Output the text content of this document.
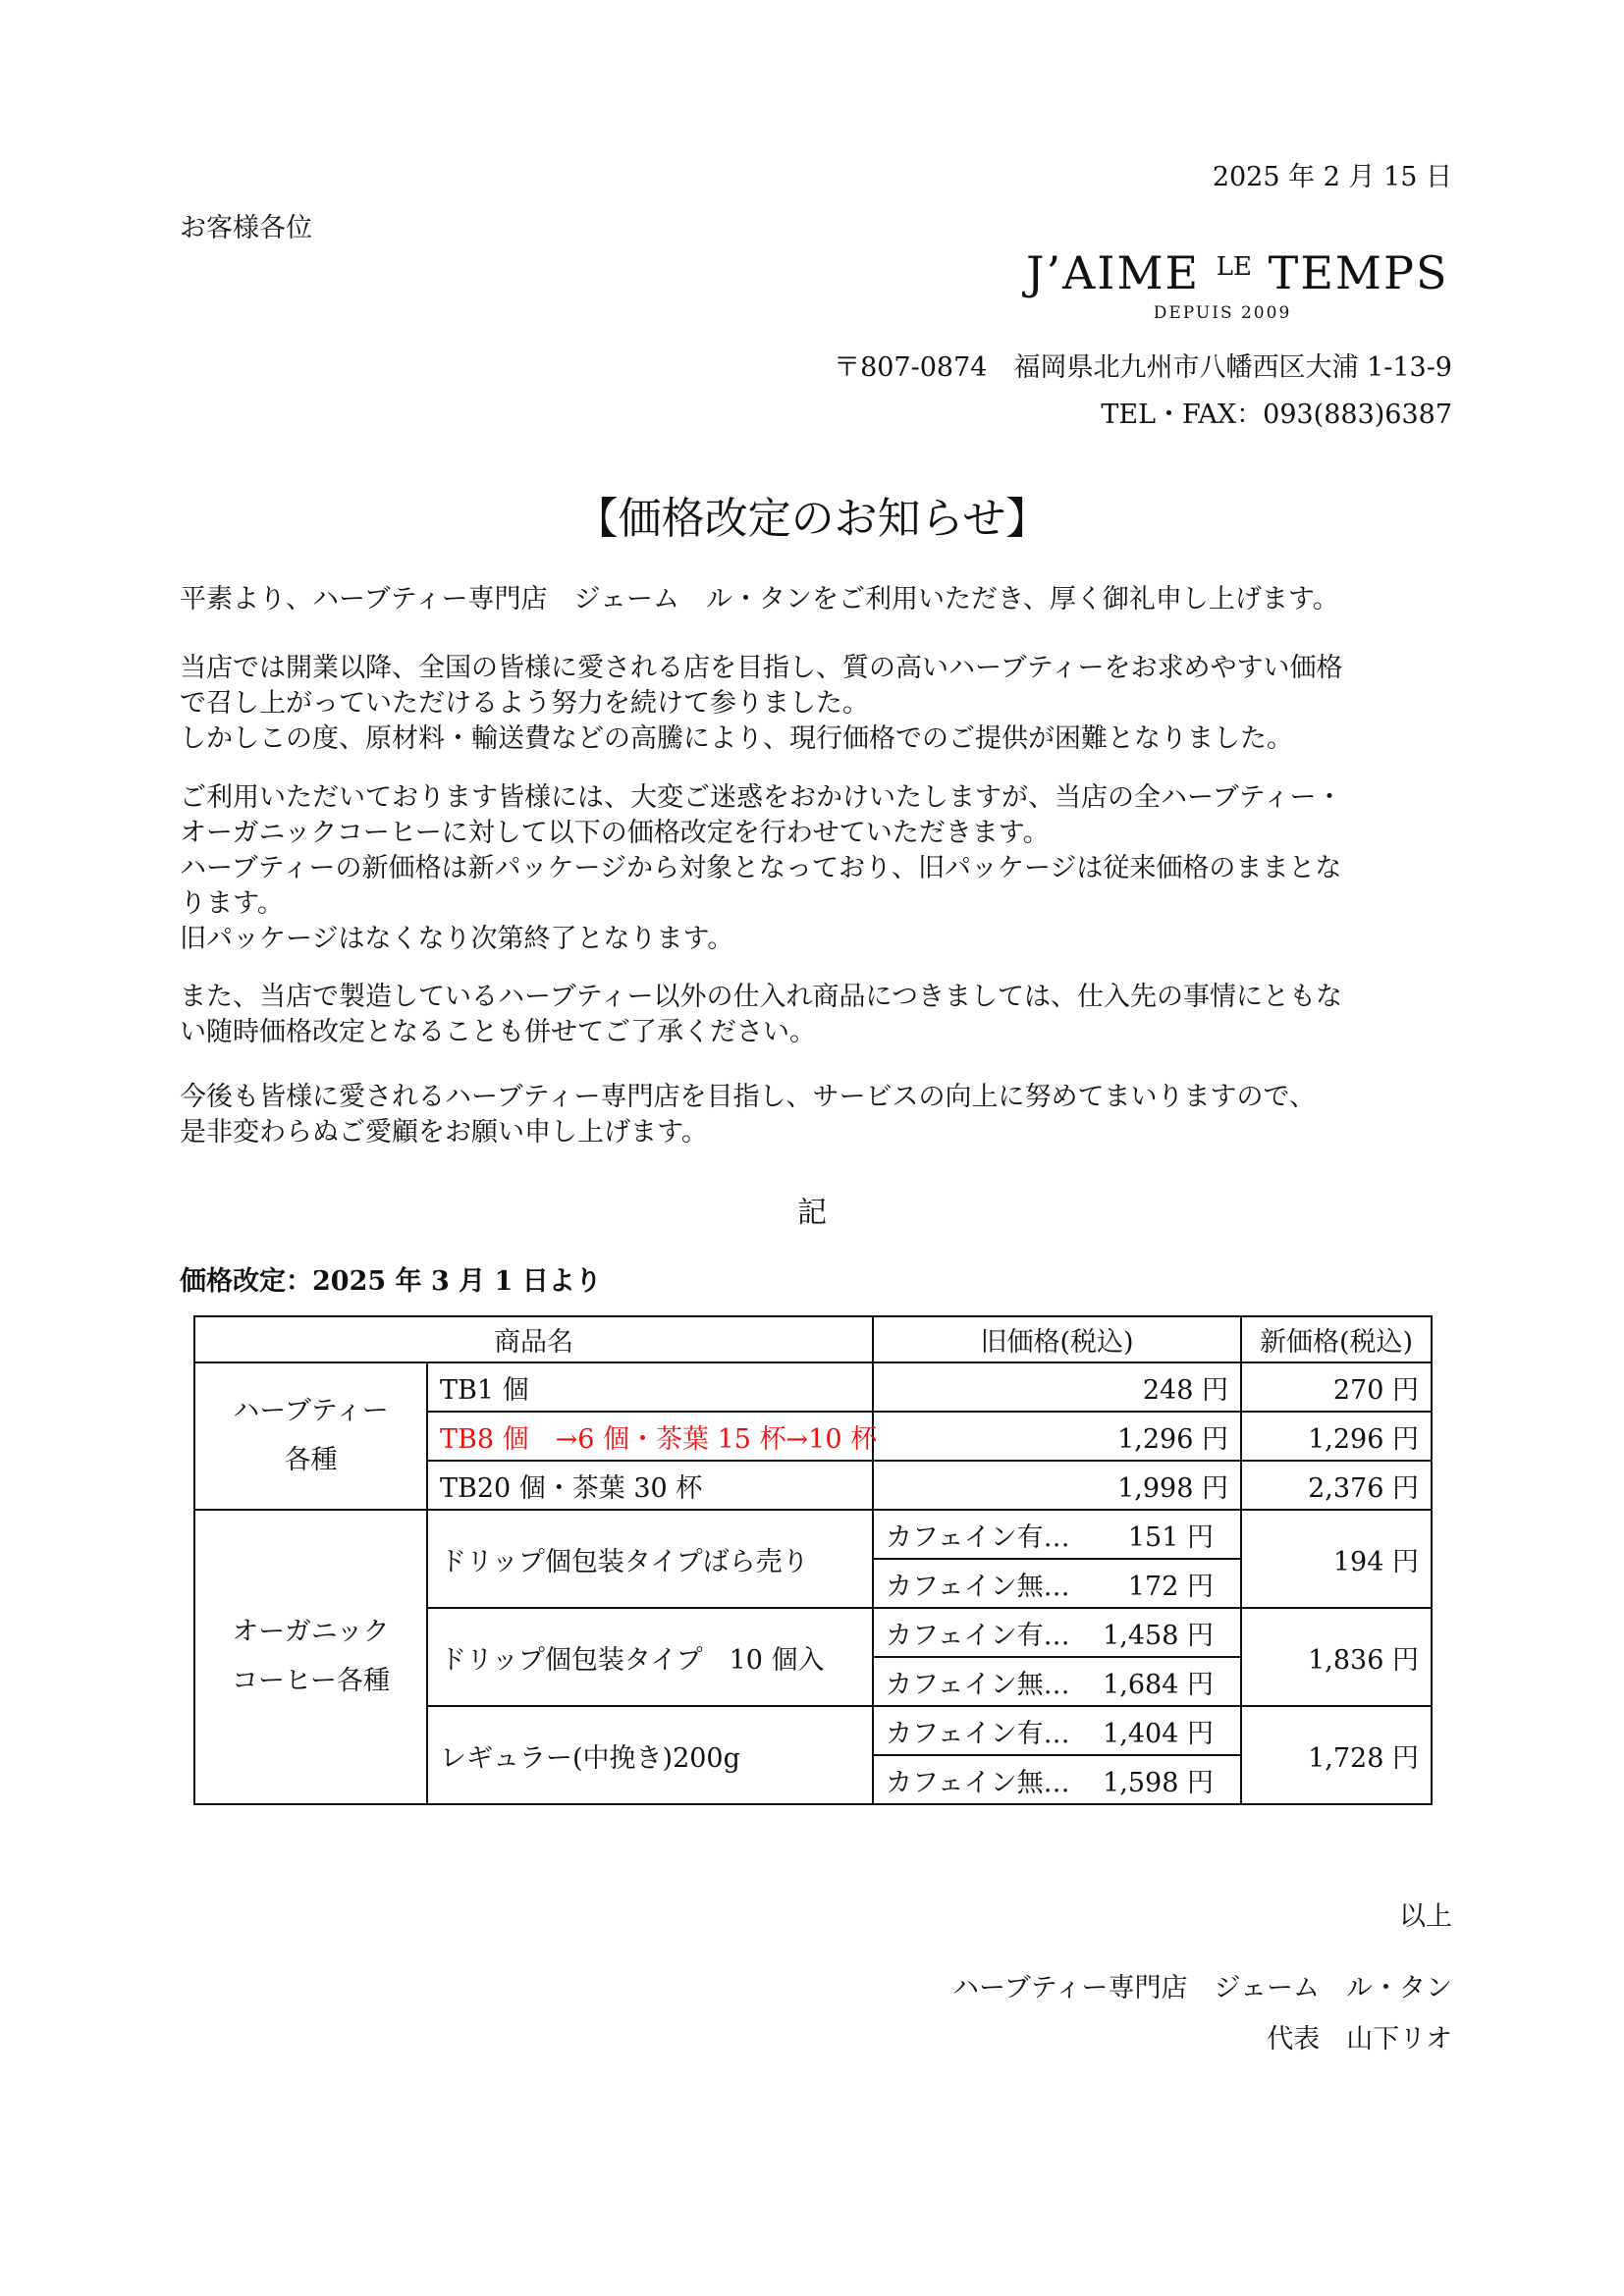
2025 年 2 月 15 日
お客様各位
J’AIME $^{LE}$ TEMPS
DEPUIS 2009
〒807-0874　福岡県北九州市八幡西区大浦 1-13-9
TEL・FAX：093(883)6387
【価格改定のお知らせ】
平素より、ハーブティー専門店　ジェーム　ル・タンをご利用いただき、厚く御礼申し上げます。
当店では開業以降、全国の皆様に愛される店を目指し、質の高いハーブティーをお求めやすい価格
で召し上がっていただけるよう努力を続けて参りました。
しかしこの度、原材料・輸送費などの高騰により、現行価格でのご提供が困難となりました。
ご利用いただいております皆様には、大変ご迷惑をおかけいたしますが、当店の全ハーブティー・
オーガニックコーヒーに対して以下の価格改定を行わせていただきます。
ハーブティーの新価格は新パッケージから対象となっており、旧パッケージは従来価格のままとな
ります。
旧パッケージはなくなり次第終了となります。
また、当店で製造しているハーブティー以外の仕入れ商品につきましては、仕入先の事情にともな
い随時価格改定となることも併せてご了承ください。
今後も皆様に愛されるハーブティー専門店を目指し、サービスの向上に努めてまいりますので、
是非変わらぬご愛顧をお願い申し上げます。
記
価格改定：2025 年 3 月 1 日より
商品名		旧価格(税込)	新価格(税込)
ハーブティー
各種	TB1 個	248 円	270 円
	TB8 個　→6 個・茶葉 15 杯→10 杯	1,296 円	1,296 円
	TB20 個・茶葉 30 杯	1,998 円	2,376 円
オーガニック
コーヒー各種	ドリップ個包装タイプばら売り	カフェイン有… 151 円	194 円

		カフェイン無… 172 円	

	ドリップ個包装タイプ　10 個入	カフェイン有… 1,458 円	1,836 円

		カフェイン無… 1,684 円	

	レギュラー(中挽き)200g	カフェイン有… 1,404 円	1,728 円

		カフェイン無… 1,598 円	
以上
ハーブティー専門店　ジェーム　ル・タン
代表　山下リオ
